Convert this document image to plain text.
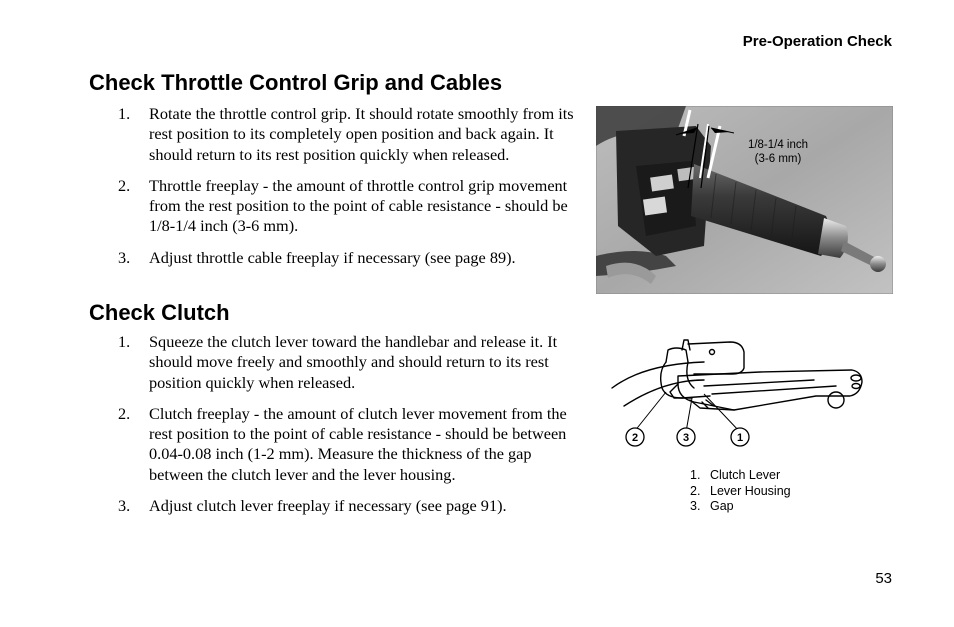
Pre-Operation Check
Check Throttle Control Grip and Cables
1. Rotate the throttle control grip. It should rotate smoothly from its rest position to its completely open position and back again. It should return to its rest position quickly when released.
2. Throttle freeplay - the amount of throttle control grip movement from the rest position to the point of cable resistance - should be 1/8-1/4 inch (3-6 mm).
3. Adjust throttle cable freeplay if necessary (see page 89).
1/8-1/4 inch
(3-6 mm)
Check Clutch
1. Squeeze the clutch lever toward the handlebar and release it. It should move freely and smoothly and should return to its rest position quickly when released.
2. Clutch freeplay - the amount of clutch lever movement from the rest position to the point of cable resistance - should be between 0.04-0.08 inch (1-2 mm). Measure the thickness of the gap between the clutch lever and the lever housing.
3. Adjust clutch lever freeplay if necessary (see page 91).
2	3	1
1. Clutch Lever
2. Lever Housing
3. Gap
53
